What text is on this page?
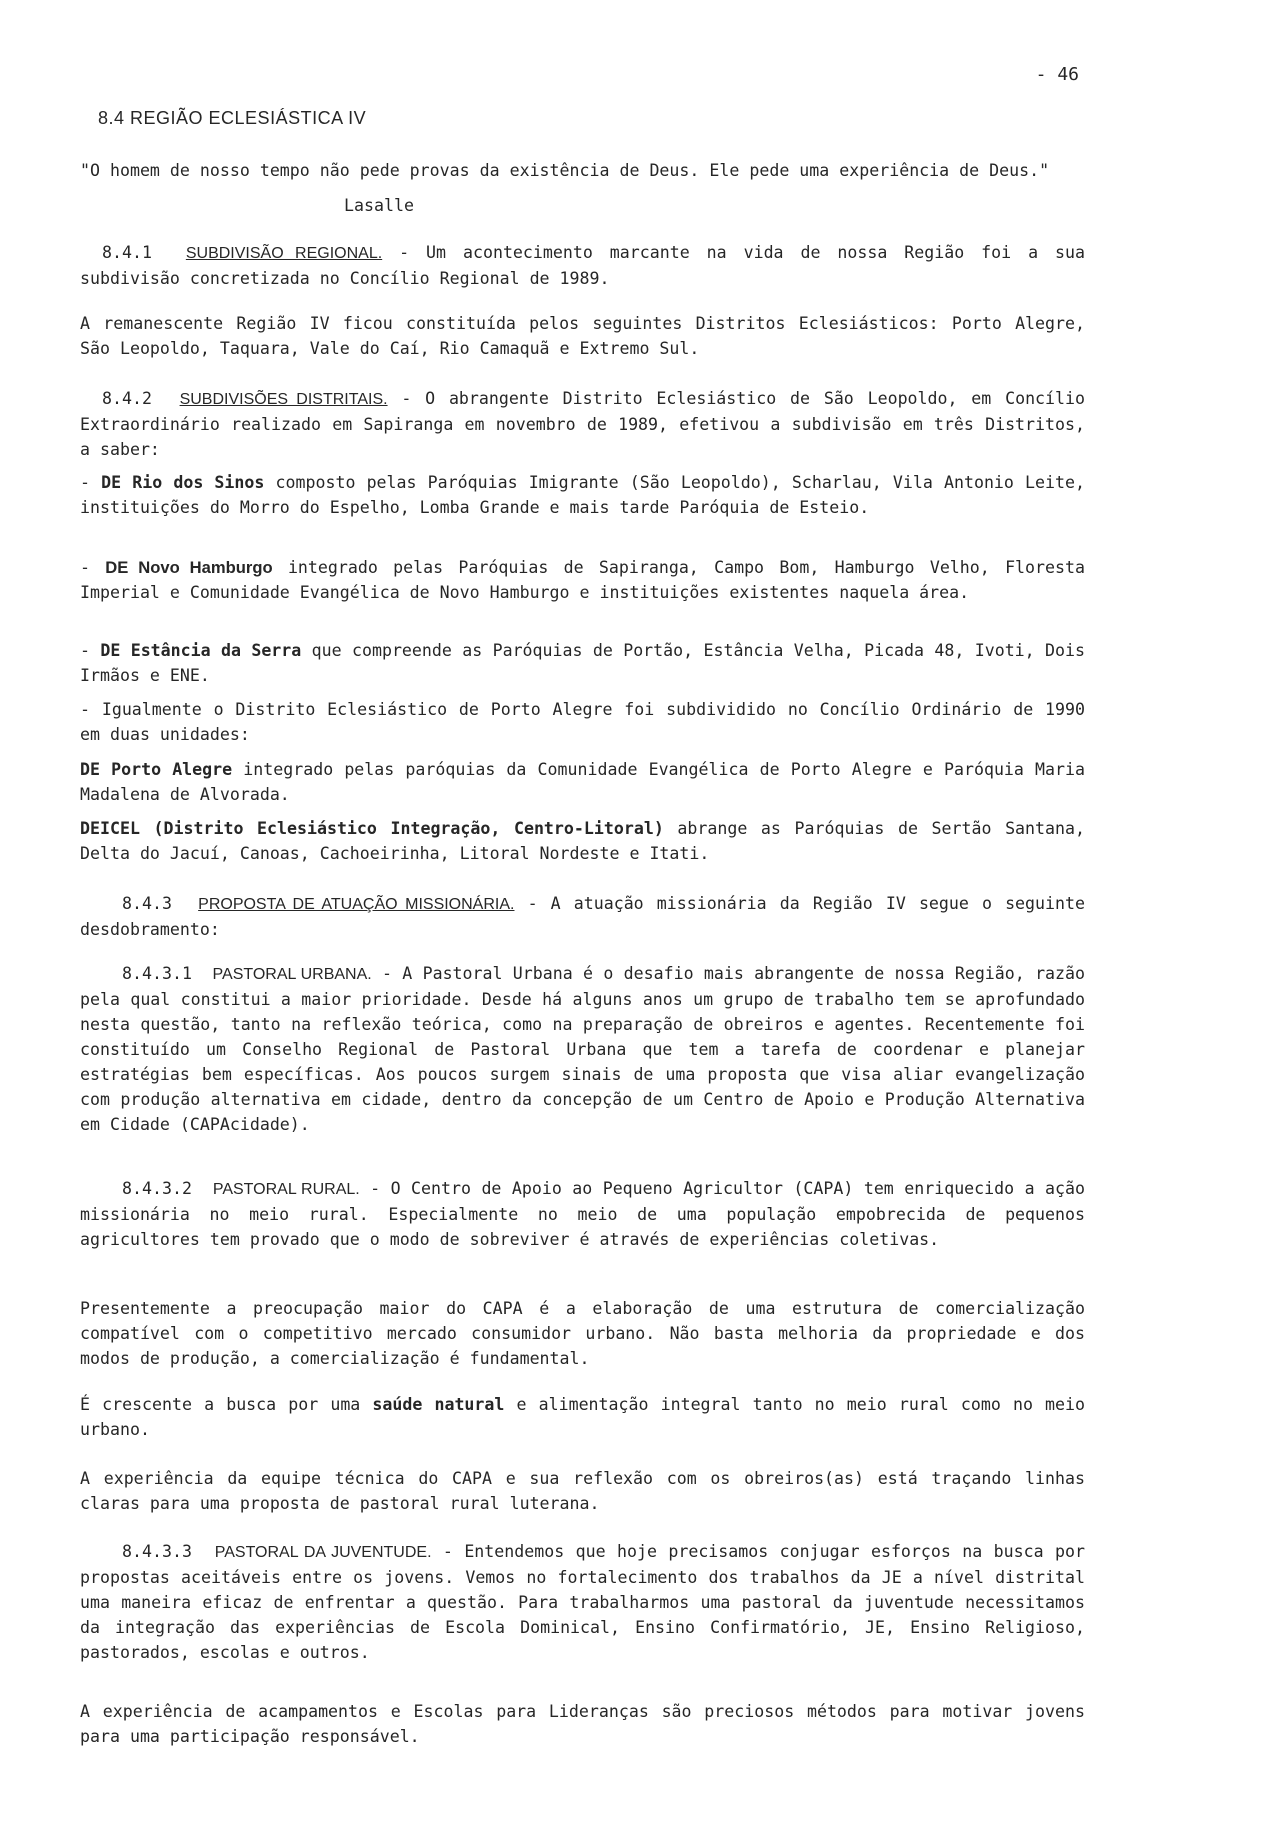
- 46
8.4 REGIÃO ECLESIÁSTICA IV
"O homem de nosso tempo não pede provas da existência de Deus. Ele pede uma experiência de Deus."
Lasalle
8.4.1 SUBDIVISÃO REGIONAL. - Um acontecimento marcante na vida de nossa Região foi a sua subdivisão concretizada no Concílio Regional de 1989.
A remanescente Região IV ficou constituída pelos seguintes Distritos Eclesiásticos: Porto Alegre, São Leopoldo, Taquara, Vale do Caí, Rio Camaquã e Extremo Sul.
8.4.2 SUBDIVISÕES DISTRITAIS. - O abrangente Distrito Eclesiástico de São Leopoldo, em Concílio Extraordinário realizado em Sapiranga em novembro de 1989, efetivou a subdivisão em três Distritos, a saber:
- DE Rio dos Sinos composto pelas Paróquias Imigrante (São Leopoldo), Scharlau, Vila Antonio Leite, instituições do Morro do Espelho, Lomba Grande e mais tarde Paróquia de Esteio.
- DE Novo Hamburgo integrado pelas Paróquias de Sapiranga, Campo Bom, Hamburgo Velho, Floresta Imperial e Comunidade Evangélica de Novo Hamburgo e instituições existentes naquela área.
- DE Estância da Serra que compreende as Paróquias de Portão, Estância Velha, Picada 48, Ivoti, Dois Irmãos e ENE.
- Igualmente o Distrito Eclesiástico de Porto Alegre foi subdividido no Concílio Ordinário de 1990 em duas unidades:
DE Porto Alegre integrado pelas paróquias da Comunidade Evangélica de Porto Alegre e Paróquia Maria Madalena de Alvorada.
DEICEL (Distrito Eclesiástico Integração, Centro-Litoral) abrange as Paróquias de Sertão Santana, Delta do Jacuí, Canoas, Cachoeirinha, Litoral Nordeste e Itati.
8.4.3 PROPOSTA DE ATUAÇÃO MISSIONÁRIA. - A atuação missionária da Região IV segue o seguinte desdobramento:
8.4.3.1 PASTORAL URBANA. - A Pastoral Urbana é o desafio mais abrangente de nossa Região, razão pela qual constitui a maior prioridade. Desde há alguns anos um grupo de trabalho tem se aprofundado nesta questão, tanto na reflexão teórica, como na preparação de obreiros e agentes. Recentemente foi constituído um Conselho Regional de Pastoral Urbana que tem a tarefa de coordenar e planejar estratégias bem específicas. Aos poucos surgem sinais de uma proposta que visa aliar evangelização com produção alternativa em cidade, dentro da concepção de um Centro de Apoio e Produção Alternativa em Cidade (CAPAcidade).
8.4.3.2 PASTORAL RURAL. - O Centro de Apoio ao Pequeno Agricultor (CAPA) tem enriquecido a ação missionária no meio rural. Especialmente no meio de uma população empobrecida de pequenos agricultores tem provado que o modo de sobreviver é através de experiências coletivas.
Presentemente a preocupação maior do CAPA é a elaboração de uma estrutura de comercialização compatível com o competitivo mercado consumidor urbano. Não basta melhoria da propriedade e dos modos de produção, a comercialização é fundamental.
É crescente a busca por uma saúde natural e alimentação integral tanto no meio rural como no meio urbano.
A experiência da equipe técnica do CAPA e sua reflexão com os obreiros(as) está traçando linhas claras para uma proposta de pastoral rural luterana.
8.4.3.3 PASTORAL DA JUVENTUDE. - Entendemos que hoje precisamos conjugar esforços na busca por propostas aceitáveis entre os jovens. Vemos no fortalecimento dos trabalhos da JE a nível distrital uma maneira eficaz de enfrentar a questão. Para trabalharmos uma pastoral da juventude necessitamos da integração das experiências de Escola Dominical, Ensino Confirmatório, JE, Ensino Religioso, pastorados, escolas e outros.
A experiência de acampamentos e Escolas para Lideranças são preciosos métodos para motivar jovens para uma participação responsável.
